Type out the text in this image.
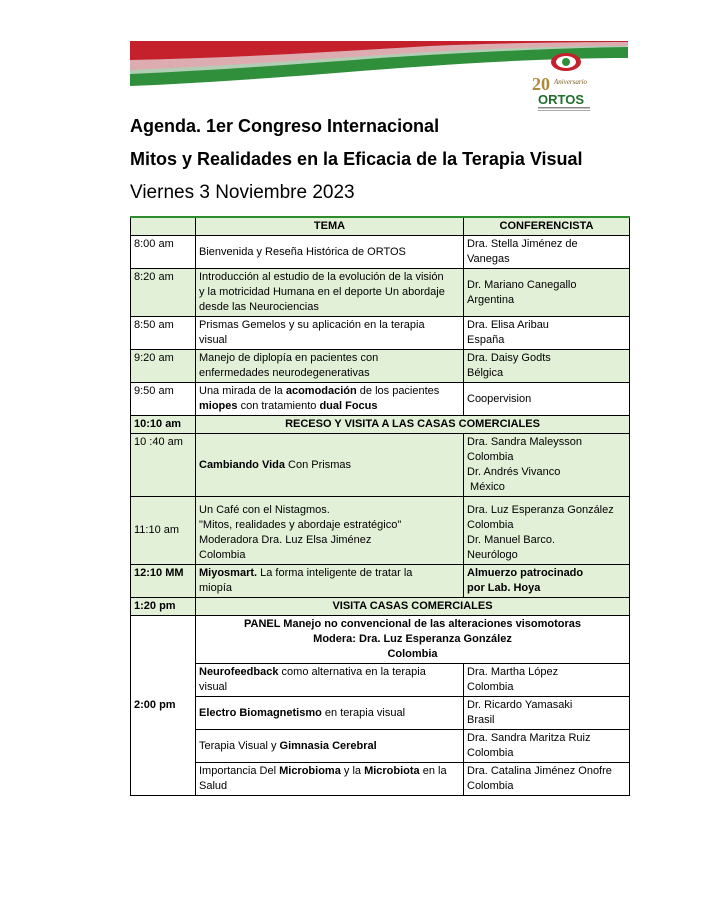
20 Aniversario
ORTOS
Agenda. 1er Congreso Internacional
Mitos y Realidades en la Eficacia de la Terapia Visual
Viernes 3 Noviembre 2023
	TEMA	CONFERENCISTA
8:00 am	Bienvenida y Reseña Histórica de ORTOS	Dra. Stella Jiménez de
Vanegas

8:20 am	Introducción al estudio de la evolución de la visión
y la motricidad Humana en el deporte Un abordaje
desde las Neurociencias	Dr. Mariano Canegallo
Argentina

8:50 am	Prismas Gemelos y su aplicación en la terapia
visual	Dra. Elisa Aribau
España

9:20 am	Manejo de diplopía en pacientes con
enfermedades neurodegenerativas	Dra. Daisy Godts
Bélgica

9:50 am	Una mirada de la acomodación de los pacientes
miopes con tratamiento dual Focus	Coopervision
10:10 am	RECESO Y VISITA A LAS CASAS COMERCIALES	
10 :40 am	Cambiando Vida Con Prismas	Dra. Sandra Maleysson
Colombia
Dr. Andrés Vivanco
México

11:10 am	Un Café con el Nistagmos.
"Mitos, realidades y abordaje estratégico"
Moderadora Dra. Luz Elsa Jiménez
Colombia	Dra. Luz Esperanza González
Colombia
Dr. Manuel Barco.
Neurólogo

12:10 MM	Miyosmart. La forma inteligente de tratar la
miopía	Almuerzo patrocinado
por Lab. Hoya

1:20 pm	VISITA CASAS COMERCIALES	
2:00 pm	PANEL Manejo no convencional de las alteraciones visomotoras
Modera: Dra. Luz Esperanza González
Colombia	

	Neurofeedback como alternativa en la terapia
visual	Dra. Martha López
Colombia

	Electro Biomagnetismo en terapia visual	Dr. Ricardo Yamasaki
Brasil

	Terapia Visual y Gimnasia Cerebral	Dra. Sandra Maritza Ruiz
Colombia

	Importancia Del Microbioma y la Microbiota en la
Salud	Dra. Catalina Jiménez Onofre
Colombia
